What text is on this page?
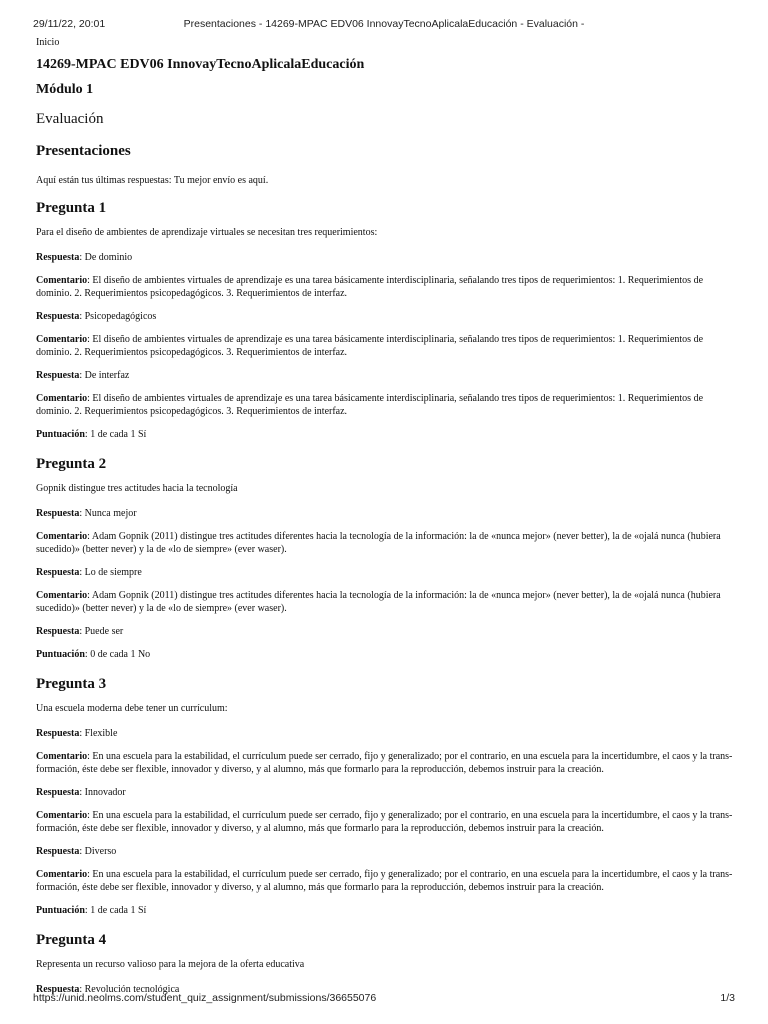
Presentaciones - 14269-MPAC EDV06 InnovayTecnoAplicalaEducación - Evaluación -
29/11/22, 20:01
Inicio
14269-MPAC EDV06 InnovayTecnoAplicalaEducación
Módulo 1
Evaluación
Presentaciones
Aquí están tus últimas respuestas: Tu mejor envío es aquí.
Pregunta 1
Para el diseño de ambientes de aprendizaje virtuales se necesitan tres requerimientos:
Respuesta: De dominio
Comentario: El diseño de ambientes virtuales de aprendizaje es una tarea básicamente interdisciplinaria, señalando tres tipos de requerimientos: 1. Requerimientos de dominio. 2. Requerimientos psicopedagógicos. 3. Requerimientos de interfaz.
Respuesta: Psicopedagógicos
Comentario: El diseño de ambientes virtuales de aprendizaje es una tarea básicamente interdisciplinaria, señalando tres tipos de requerimientos: 1. Requerimientos de dominio. 2. Requerimientos psicopedagógicos. 3. Requerimientos de interfaz.
Respuesta: De interfaz
Comentario: El diseño de ambientes virtuales de aprendizaje es una tarea básicamente interdisciplinaria, señalando tres tipos de requerimientos: 1. Requerimientos de dominio. 2. Requerimientos psicopedagógicos. 3. Requerimientos de interfaz.
Puntuación: 1 de cada 1 Sí
Pregunta 2
Gopnik distingue tres actitudes hacia la tecnología
Respuesta: Nunca mejor
Comentario: Adam Gopnik (2011) distingue tres actitudes diferentes hacia la tecnología de la información: la de «nunca mejor» (never better), la de «ojalá nunca (hubiera sucedido)» (better never) y la de «lo de siempre» (ever waser).
Respuesta: Lo de siempre
Comentario: Adam Gopnik (2011) distingue tres actitudes diferentes hacia la tecnología de la información: la de «nunca mejor» (never better), la de «ojalá nunca (hubiera sucedido)» (better never) y la de «lo de siempre» (ever waser).
Respuesta: Puede ser
Puntuación: 0 de cada 1 No
Pregunta 3
Una escuela moderna debe tener un currículum:
Respuesta: Flexible
Comentario: En una escuela para la estabilidad, el currículum puede ser cerrado, fijo y generalizado; por el contrario, en una escuela para la incertidumbre, el caos y la trans- formación, éste debe ser flexible, innovador y diverso, y al alumno, más que formarlo para la reproducción, debemos instruir para la creación.
Respuesta: Innovador
Comentario: En una escuela para la estabilidad, el currículum puede ser cerrado, fijo y generalizado; por el contrario, en una escuela para la incertidumbre, el caos y la trans- formación, éste debe ser flexible, innovador y diverso, y al alumno, más que formarlo para la reproducción, debemos instruir para la creación.
Respuesta: Diverso
Comentario: En una escuela para la estabilidad, el currículum puede ser cerrado, fijo y generalizado; por el contrario, en una escuela para la incertidumbre, el caos y la trans- formación, éste debe ser flexible, innovador y diverso, y al alumno, más que formarlo para la reproducción, debemos instruir para la creación.
Puntuación: 1 de cada 1 Sí
Pregunta 4
Representa un recurso valioso para la mejora de la oferta educativa
Respuesta: Revolución tecnológica
https://unid.neolms.com/student_quiz_assignment/submissions/36655076	1/3
